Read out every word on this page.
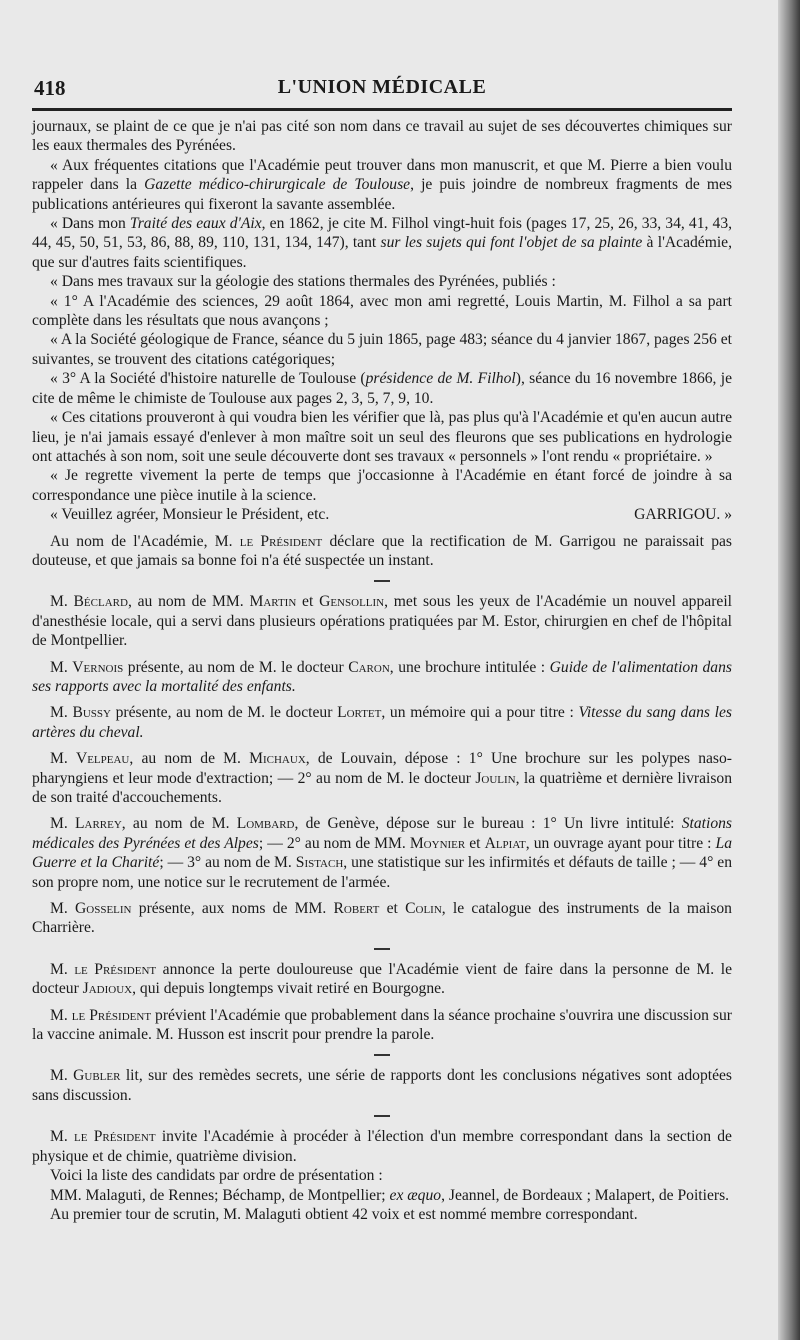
418	L'UNION MÉDICALE

journaux, se plaint de ce que je n'ai pas cité son nom dans ce travail au sujet de ses découvertes chimiques sur les eaux thermales des Pyrénées.

« Aux fréquentes citations que l'Académie peut trouver dans mon manuscrit, et que M. Pierre a bien voulu rappeler dans la Gazette médico-chirurgicale de Toulouse, je puis joindre de nombreux fragments de mes publications antérieures qui fixeront la savante assemblée.

« Dans mon Traité des eaux d'Aix, en 1862, je cite M. Filhol vingt-huit fois (pages 17, 25, 26, 33, 34, 41, 43, 44, 45, 50, 51, 53, 86, 88, 89, 110, 131, 134, 147), tant sur les sujets qui font l'objet de sa plainte à l'Académie, que sur d'autres faits scientifiques.

« Dans mes travaux sur la géologie des stations thermales des Pyrénées, publiés :

« 1° A l'Académie des sciences, 29 août 1864, avec mon ami regretté, Louis Martin, M. Filhol a sa part complète dans les résultats que nous avançons ;

« A la Société géologique de France, séance du 5 juin 1865, page 483; séance du 4 janvier 1867, pages 256 et suivantes, se trouvent des citations catégoriques;

« 3° A la Société d'histoire naturelle de Toulouse (présidence de M. Filhol), séance du 16 novembre 1866, je cite de même le chimiste de Toulouse aux pages 2, 3, 5, 7, 9, 10.

« Ces citations prouveront à qui voudra bien les vérifier que là, pas plus qu'à l'Académie et qu'en aucun autre lieu, je n'ai jamais essayé d'enlever à mon maître soit un seul des fleurons que ses publications en hydrologie ont attachés à son nom, soit une seule découverte dont ses travaux « personnels » l'ont rendu « propriétaire. »

« Je regrette vivement la perte de temps que j'occasionne à l'Académie en étant forcé de joindre à sa correspondance une pièce inutile à la science.

« Veuillez agréer, Monsieur le Président, etc.	GARRIGOU. »

Au nom de l'Académie, M. le Président déclare que la rectification de M. Garrigou ne paraissait pas douteuse, et que jamais sa bonne foi n'a été suspectée un instant.

M. Béclard, au nom de MM. Martin et Gensollin, met sous les yeux de l'Académie un nouvel appareil d'anesthésie locale, qui a servi dans plusieurs opérations pratiquées par M. Estor, chirurgien en chef de l'hôpital de Montpellier.

M. Vernois présente, au nom de M. le docteur Caron, une brochure intitulée : Guide de l'alimentation dans ses rapports avec la mortalité des enfants.

M. Bussy présente, au nom de M. le docteur Lortet, un mémoire qui a pour titre : Vitesse du sang dans les artères du cheval.

M. Velpeau, au nom de M. Michaux, de Louvain, dépose : 1° Une brochure sur les polypes naso-pharyngiens et leur mode d'extraction; — 2° au nom de M. le docteur Joulin, la quatrième et dernière livraison de son traité d'accouchements.

M. Larrey, au nom de M. Lombard, de Genève, dépose sur le bureau : 1° Un livre intitulé: Stations médicales des Pyrénées et des Alpes; — 2° au nom de MM. Moynier et Alpiat, un ouvrage ayant pour titre : La Guerre et la Charité; — 3° au nom de M. Sistach, une statistique sur les infirmités et défauts de taille ; — 4° en son propre nom, une notice sur le recrutement de l'armée.

M. Gosselin présente, aux noms de MM. Robert et Colin, le catalogue des instruments de la maison Charrière.

M. le Président annonce la perte douloureuse que l'Académie vient de faire dans la personne de M. le docteur Jadioux, qui depuis longtemps vivait retiré en Bourgogne.

M. le Président prévient l'Académie que probablement dans la séance prochaine s'ouvrira une discussion sur la vaccine animale. M. Husson est inscrit pour prendre la parole.

M. Gubler lit, sur des remèdes secrets, une série de rapports dont les conclusions négatives sont adoptées sans discussion.

M. le Président invite l'Académie à procéder à l'élection d'un membre correspondant dans la section de physique et de chimie, quatrième division.

Voici la liste des candidats par ordre de présentation :

MM. Malaguti, de Rennes; Béchamp, de Montpellier; ex æquo, Jeannel, de Bordeaux ; Malapert, de Poitiers.

Au premier tour de scrutin, M. Malaguti obtient 42 voix et est nommé membre correspondant.
